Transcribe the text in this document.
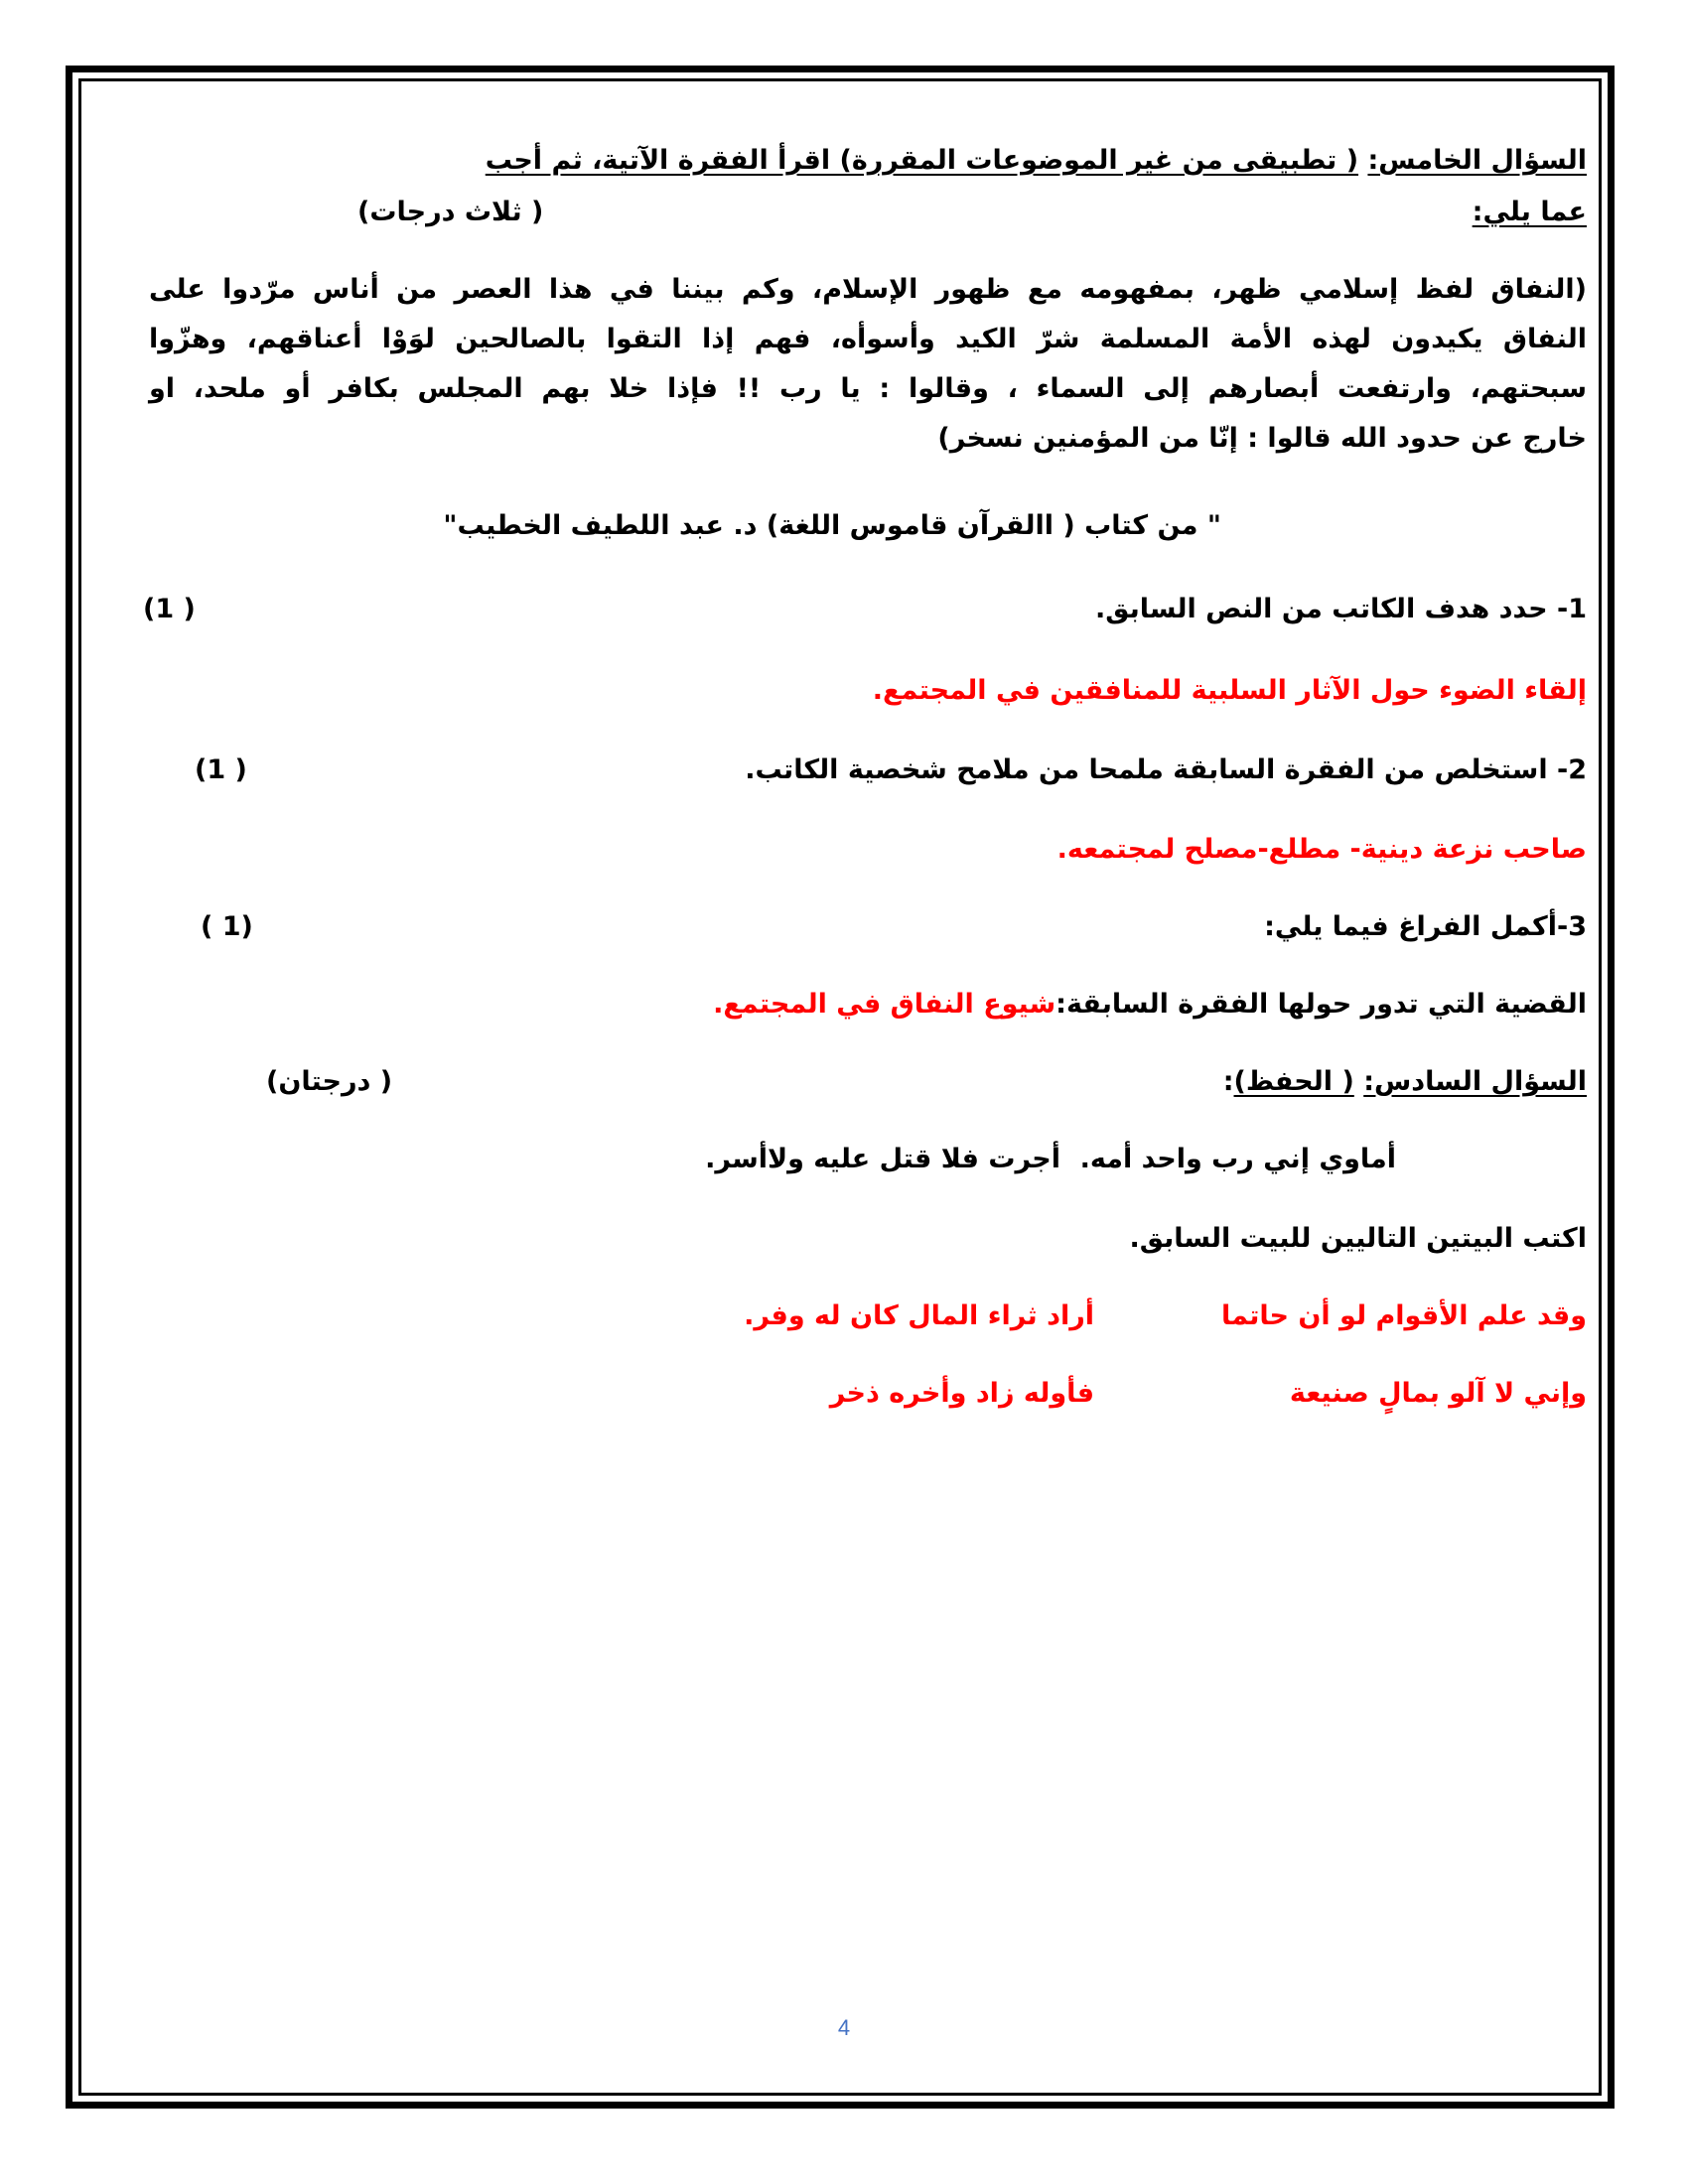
السؤال الخامس: ( تطبيقى من غير الموضوعات المقررة) اقرأ الفقرة الآتية، ثم أجب
عما يلي:
( ثلاث درجات)
(النفاق لفظ إسلامي ظهر، بمفهومه مع ظهور الإسلام، وكم بيننا في هذا العصر من أناس مرّدوا على
النفاق يكيدون لهذه الأمة المسلمة شرّ الكيد وأسوأه، فهم إذا التقوا بالصالحين لوَوْا أعناقهم، وهزّوا
سبحتهم، وارتفعت أبصارهم إلى السماء ، وقالوا : يا رب !! فإذا خلا بهم المجلس بكافر أو ملحد، او
خارج عن حدود الله قالوا : إنّا من المؤمنين نسخر)
" من كتاب ( االقرآن قاموس اللغة) د. عبد اللطيف الخطيب"
1- حدد هدف الكاتب من النص السابق.
( 1)
إلقاء الضوء حول الآثار السلبية للمنافقين في المجتمع.
2- استخلص من الفقرة السابقة ملمحا من ملامح شخصية الكاتب.
( 1)
صاحب نزعة دينية- مطلع-مصلح لمجتمعه.
3-أكمل الفراغ فيما يلي:
(1 )
القضية التي تدور حولها الفقرة السابقة:شيوع النفاق في المجتمع.
السؤال السادس: ( الحفظ):
( درجتان)
أماوي إني رب واحد أمه.
أجرت فلا قتل عليه ولاأسر.
اكتب البيتين التاليين للبيت السابق.
وقد علم الأقوام لو أن حاتما
أراد ثراء المال كان له وفر.
وإني لا آلو بمالٍ صنيعة
فأوله زاد وأخره ذخر
4
